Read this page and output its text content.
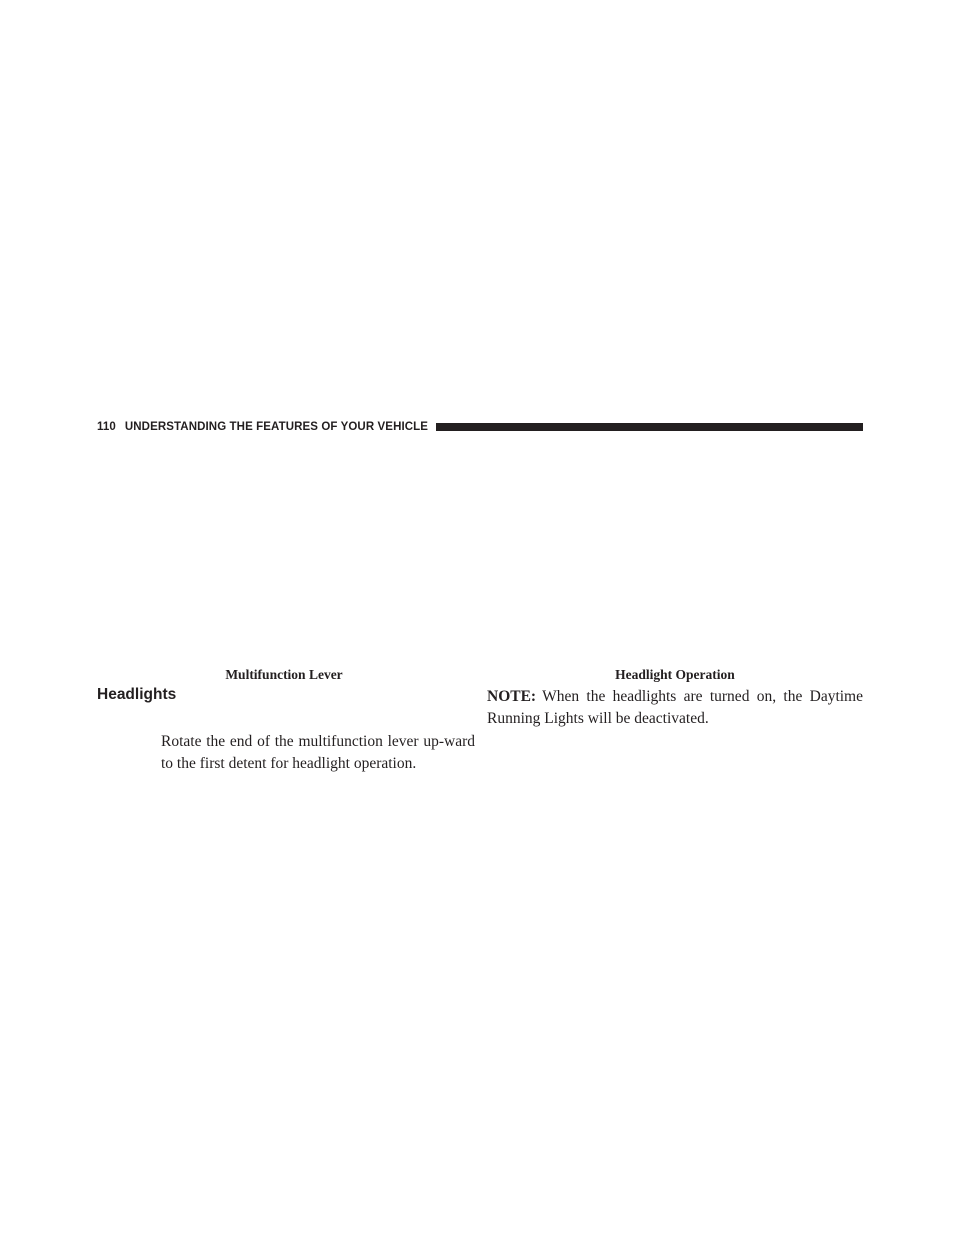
110 UNDERSTANDING THE FEATURES OF YOUR VEHICLE
Multifunction Lever	Headlight Operation
Headlights

Rotate the end of the multifunction lever up-ward to the first detent for headlight operation.

NOTE: When the headlights are turned on, the Daytime Running Lights will be deactivated.
